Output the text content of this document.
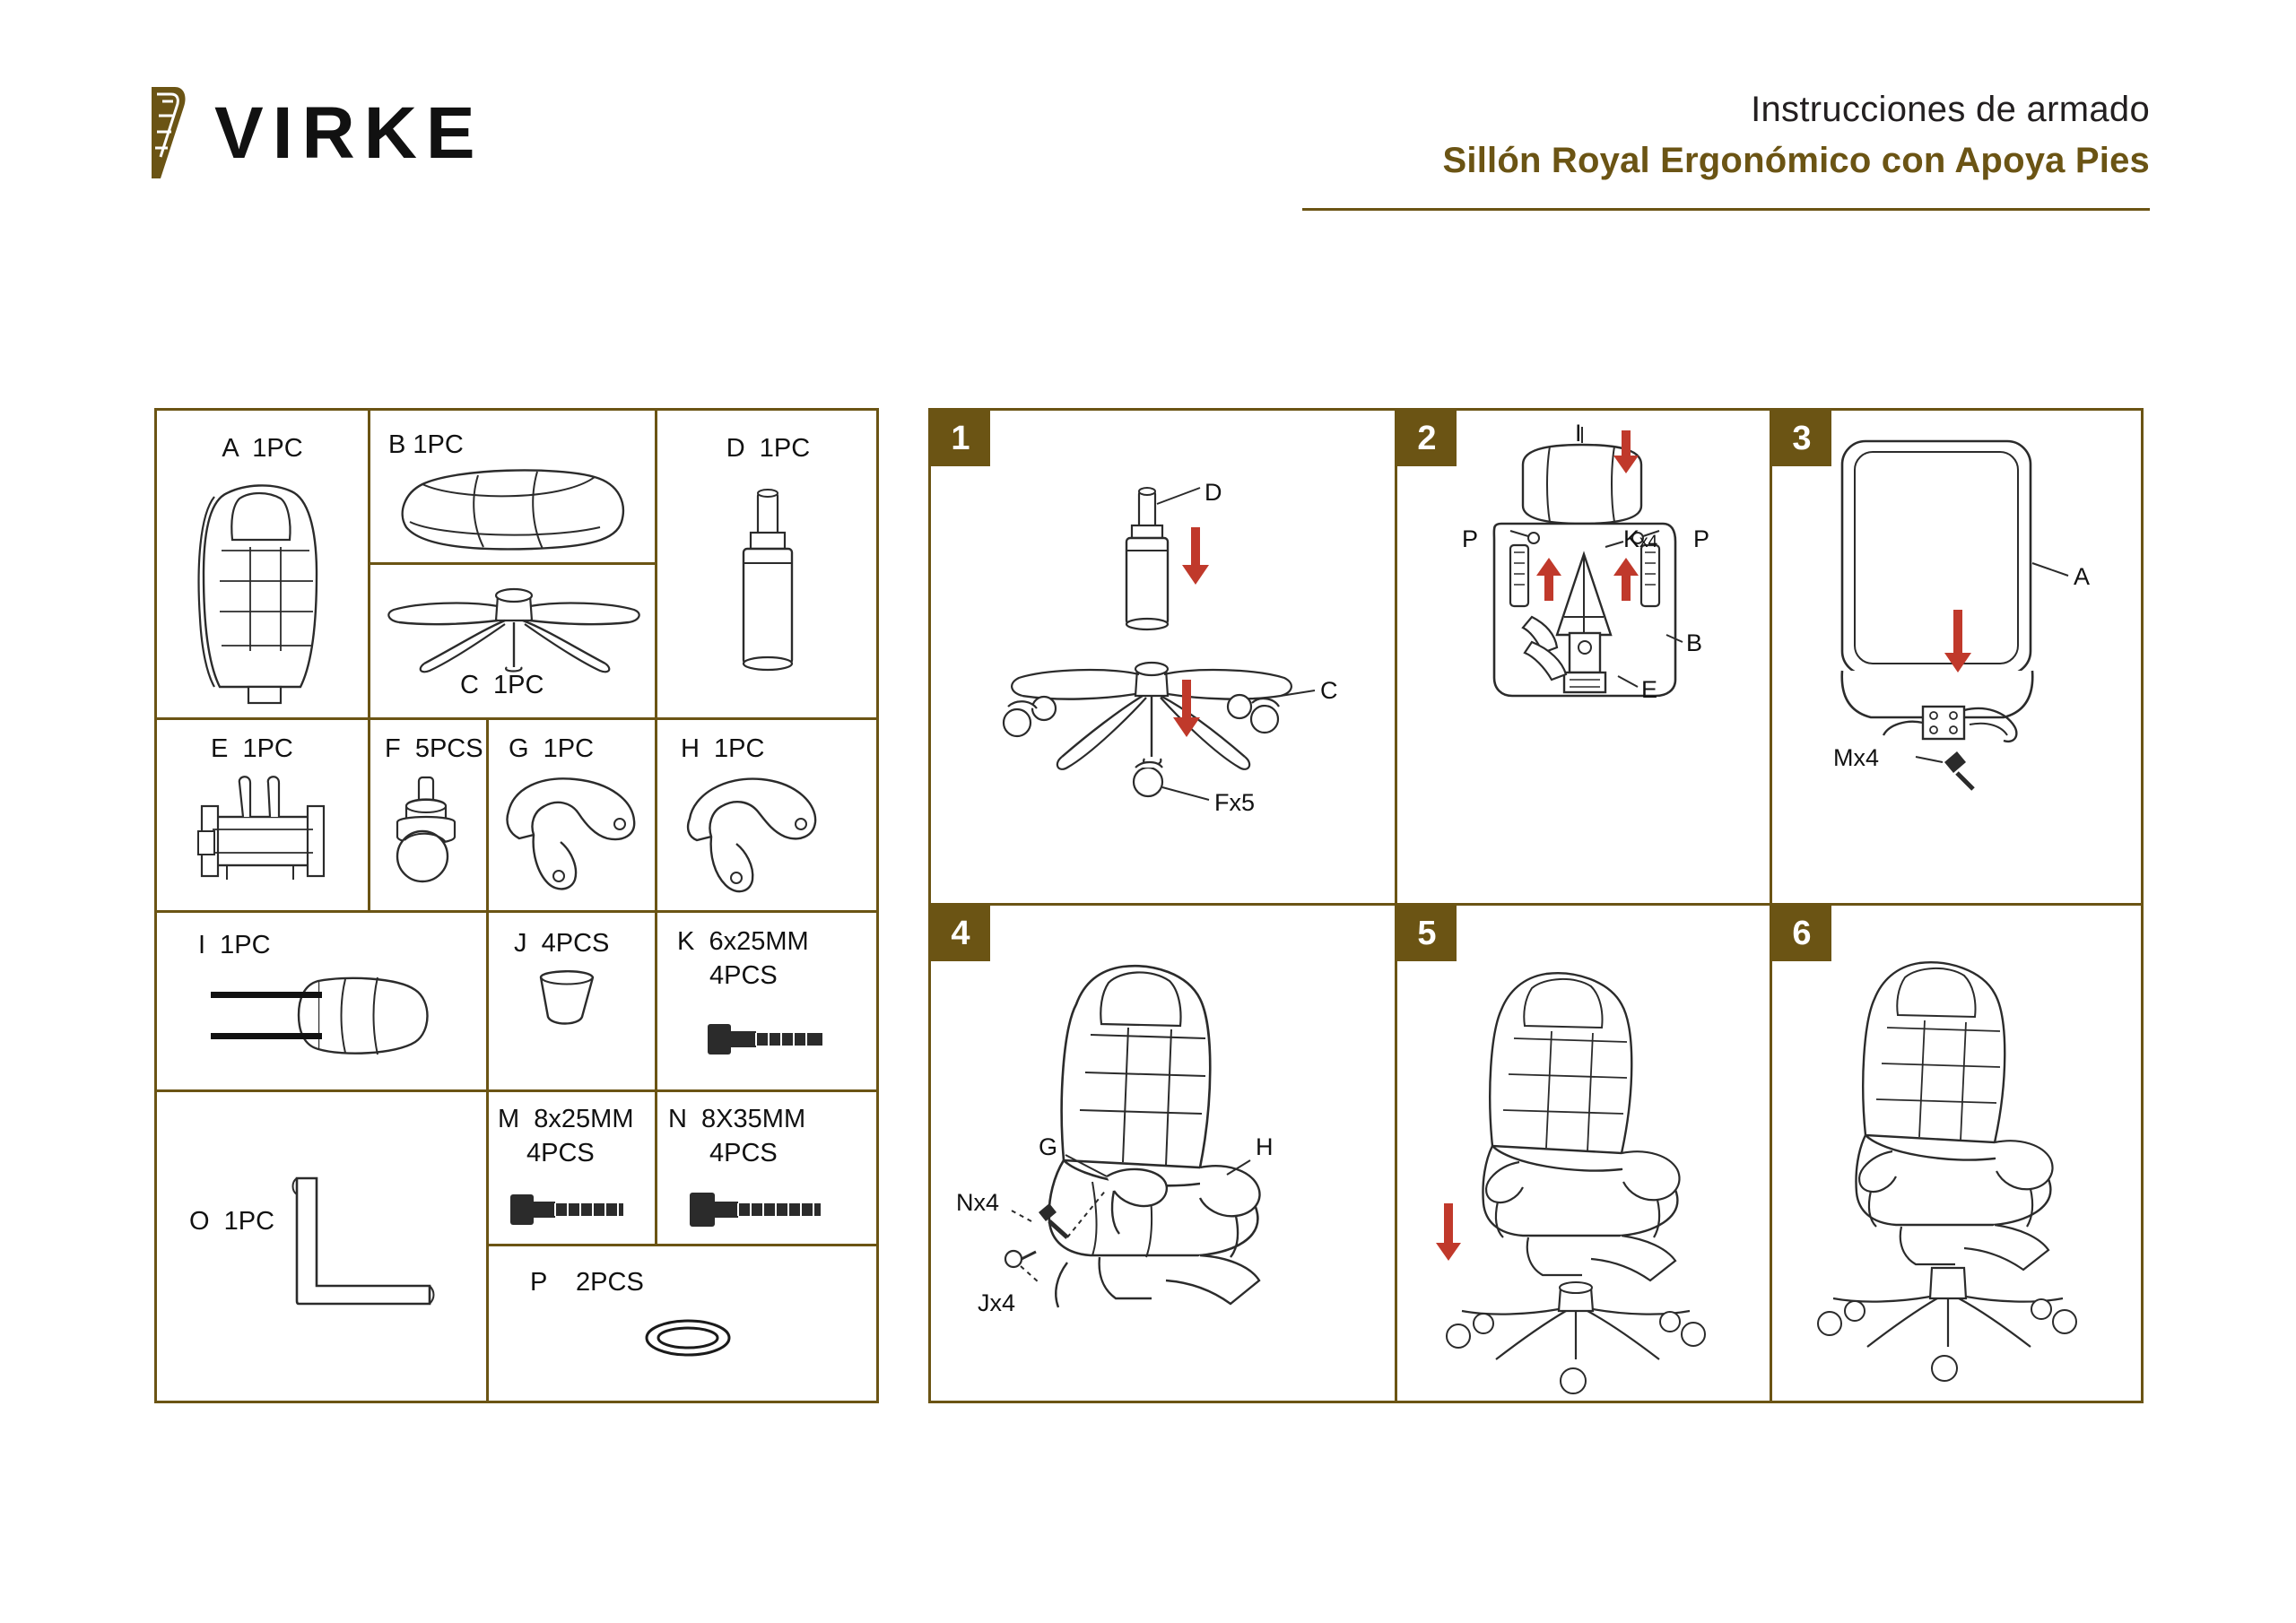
VIRKE	Instrucciones de armado
Sillón Royal Ergonómico con Apoya Pies
A  1PC	B 1PC
C  1PC
D  1PC
E  1PC	F  5PCS G  1PC	H  1PC
I  1PC	J  4PCS	K  6x25MM
4PCS
O  1PC
M  8x25MM
4PCS
N  8X35MM
4PCS
P    2PCS
1
D
C
Fx5
2	I
Kx4
P	P
B
E
3
A
Mx4
4
G	H
Nx4
Jx4
5	6
